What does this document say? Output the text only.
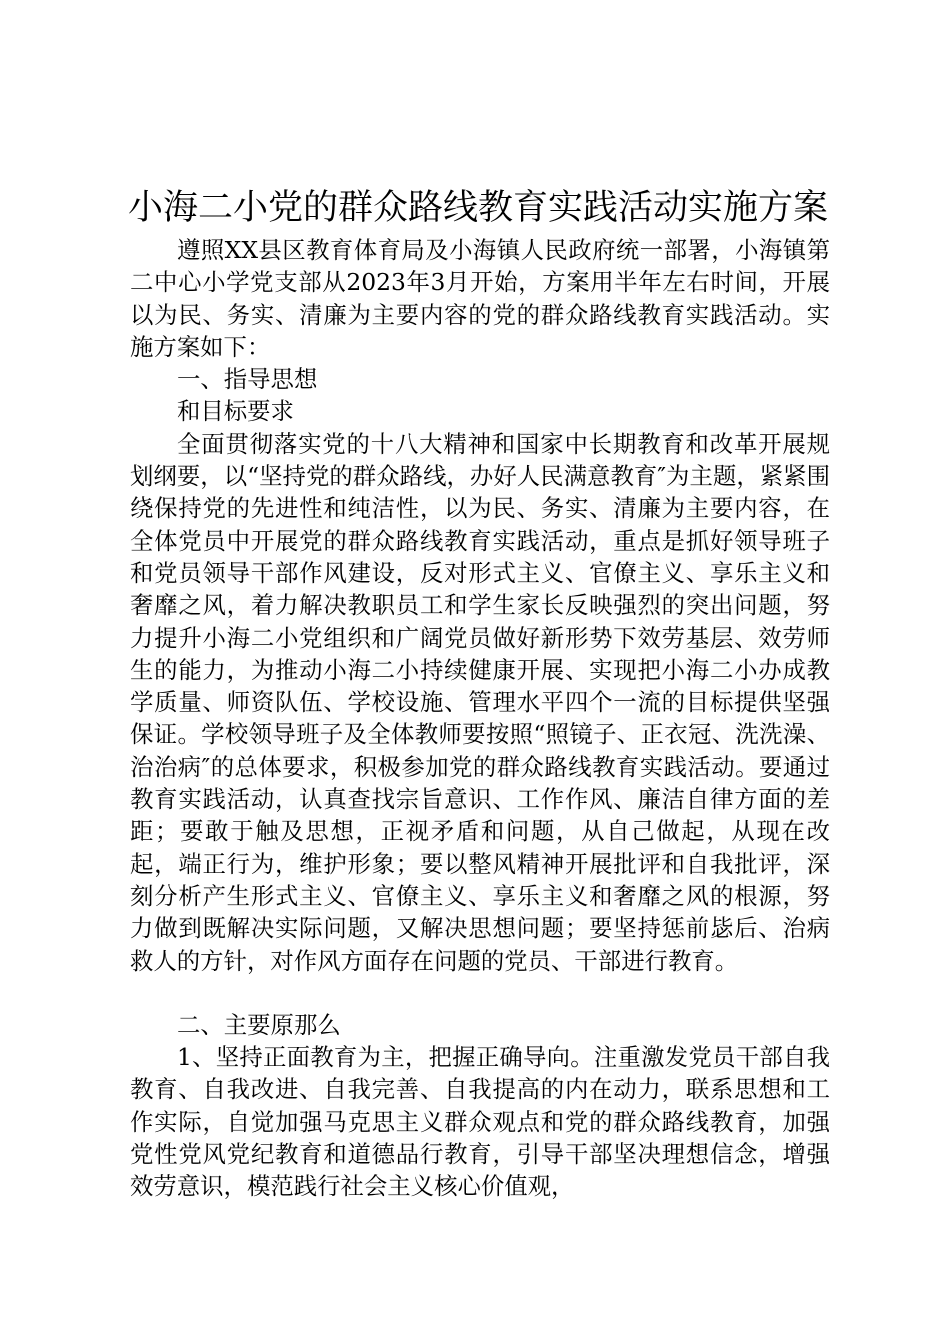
小海二小党的群众路线教育实践活动实施方案

遵照XX县区教育体育局及小海镇人民政府统一部署，小海镇第二中心小学党支部从2023年3月开始，方案用半年左右时间，开展以为民、务实、清廉为主要内容的党的群众路线教育实践活动。实施方案如下：

一、指导思想

和目标要求

全面贯彻落实党的十八大精神和国家中长期教育和改革开展规划纲要，以“坚持党的群众路线，办好人民满意教育″为主题，紧紧围绕保持党的先进性和纯洁性，以为民、务实、清廉为主要内容，在全体党员中开展党的群众路线教育实践活动，重点是抓好领导班子和党员领导干部作风建设，反对形式主义、官僚主义、享乐主义和奢靡之风，着力解决教职员工和学生家长反映强烈的突出问题，努力提升小海二小党组织和广阔党员做好新形势下效劳基层、效劳师生的能力，为推动小海二小持续健康开展、实现把小海二小办成教学质量、师资队伍、学校设施、管理水平四个一流的目标提供坚强保证。学校领导班子及全体教师要按照“照镜子、正衣冠、洗洗澡、治治病″的总体要求，积极参加党的群众路线教育实践活动。要通过教育实践活动，认真查找宗旨意识、工作作风、廉洁自律方面的差距；要敢于触及思想，正视矛盾和问题，从自己做起，从现在改起，端正行为，维护形象；要以整风精神开展批评和自我批评，深刻分析产生形式主义、官僚主义、享乐主义和奢靡之风的根源，努力做到既解决实际问题，又解决思想问题；要坚持惩前毖后、治病救人的方针，对作风方面存在问题的党员、干部进行教育。

二、主要原那么

1、坚持正面教育为主，把握正确导向。注重激发党员干部自我教育、自我改进、自我完善、自我提高的内在动力，联系思想和工作实际，自觉加强马克思主义群众观点和党的群众路线教育，加强党性党风党纪教育和道德品行教育，引导干部坚决理想信念，增强效劳意识，模范践行社会主义核心价值观，
